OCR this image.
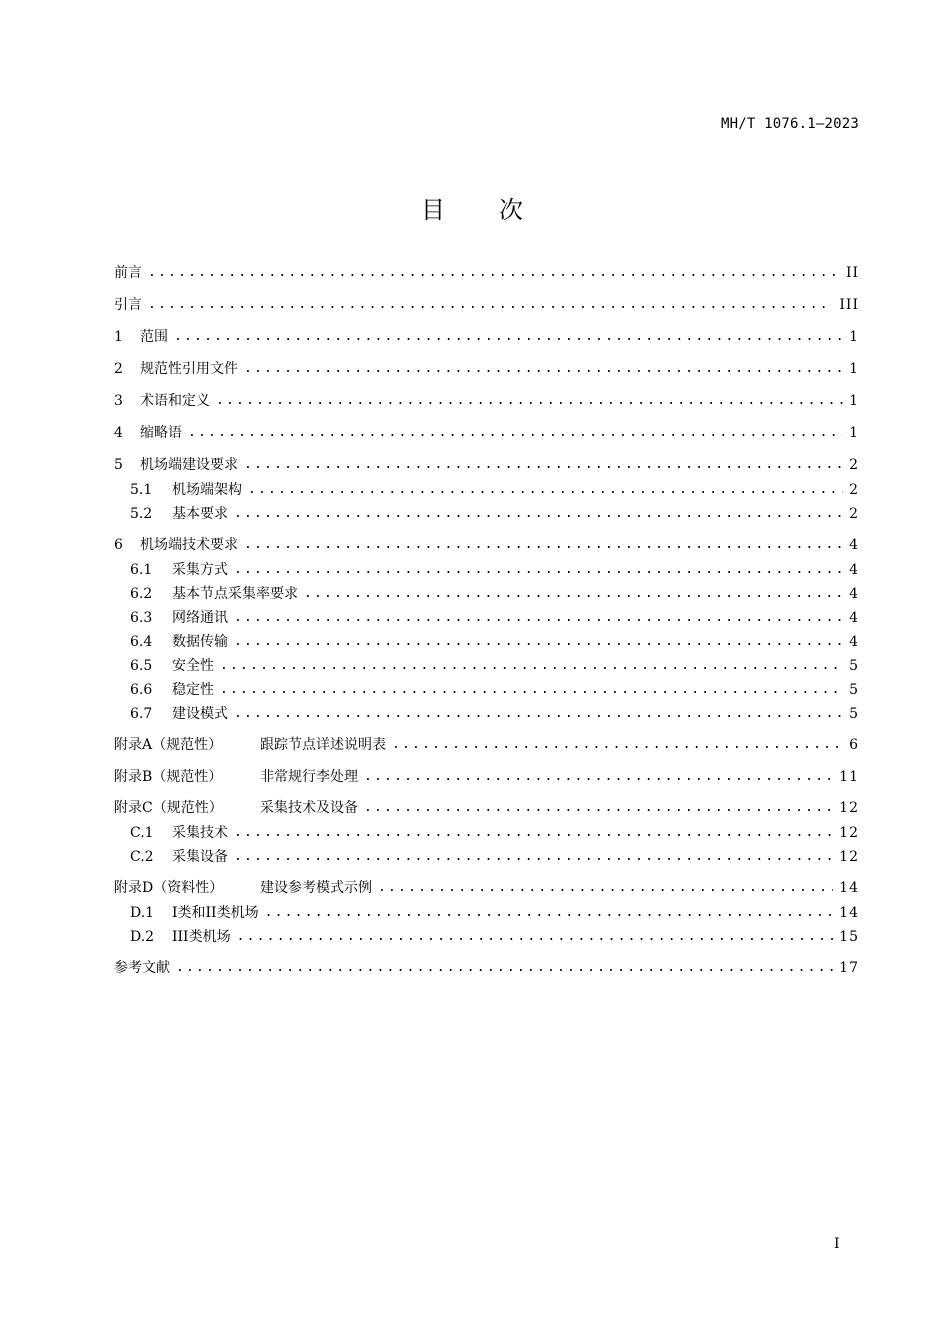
MH/T 1076.1—2023
目 次
前言 .....	II
引言 .....	III
1 范围 .....	1
2 规范性引用文件 .....	1
3 术语和定义 .....	1
4 缩略语 .....	1
5 机场端建设要求 .....	2
5.1 机场端架构 .....	2
5.2 基本要求 .....	2
6 机场端技术要求 .....	4
6.1 采集方式 .....	4
6.2 基本节点采集率要求 .....	4
6.3 网络通讯 .....	4
6.4 数据传输 .....	4
6.5 安全性 .....	5
6.6 稳定性 .....	5
6.7 建设模式 .....	5
附录A（规范性）	跟踪节点详述说明表 .....	6
附录B（规范性）	非常规行李处理 .....	11
附录C（规范性）	采集技术及设备 .....	12
C.1 采集技术 .....	12
C.2 采集设备 .....	12
附录D（资料性）	建设参考模式示例 .....	14
D.1 I类和II类机场 .....	14
D.2 III类机场 .....	15
参考文献 .....	17
I
